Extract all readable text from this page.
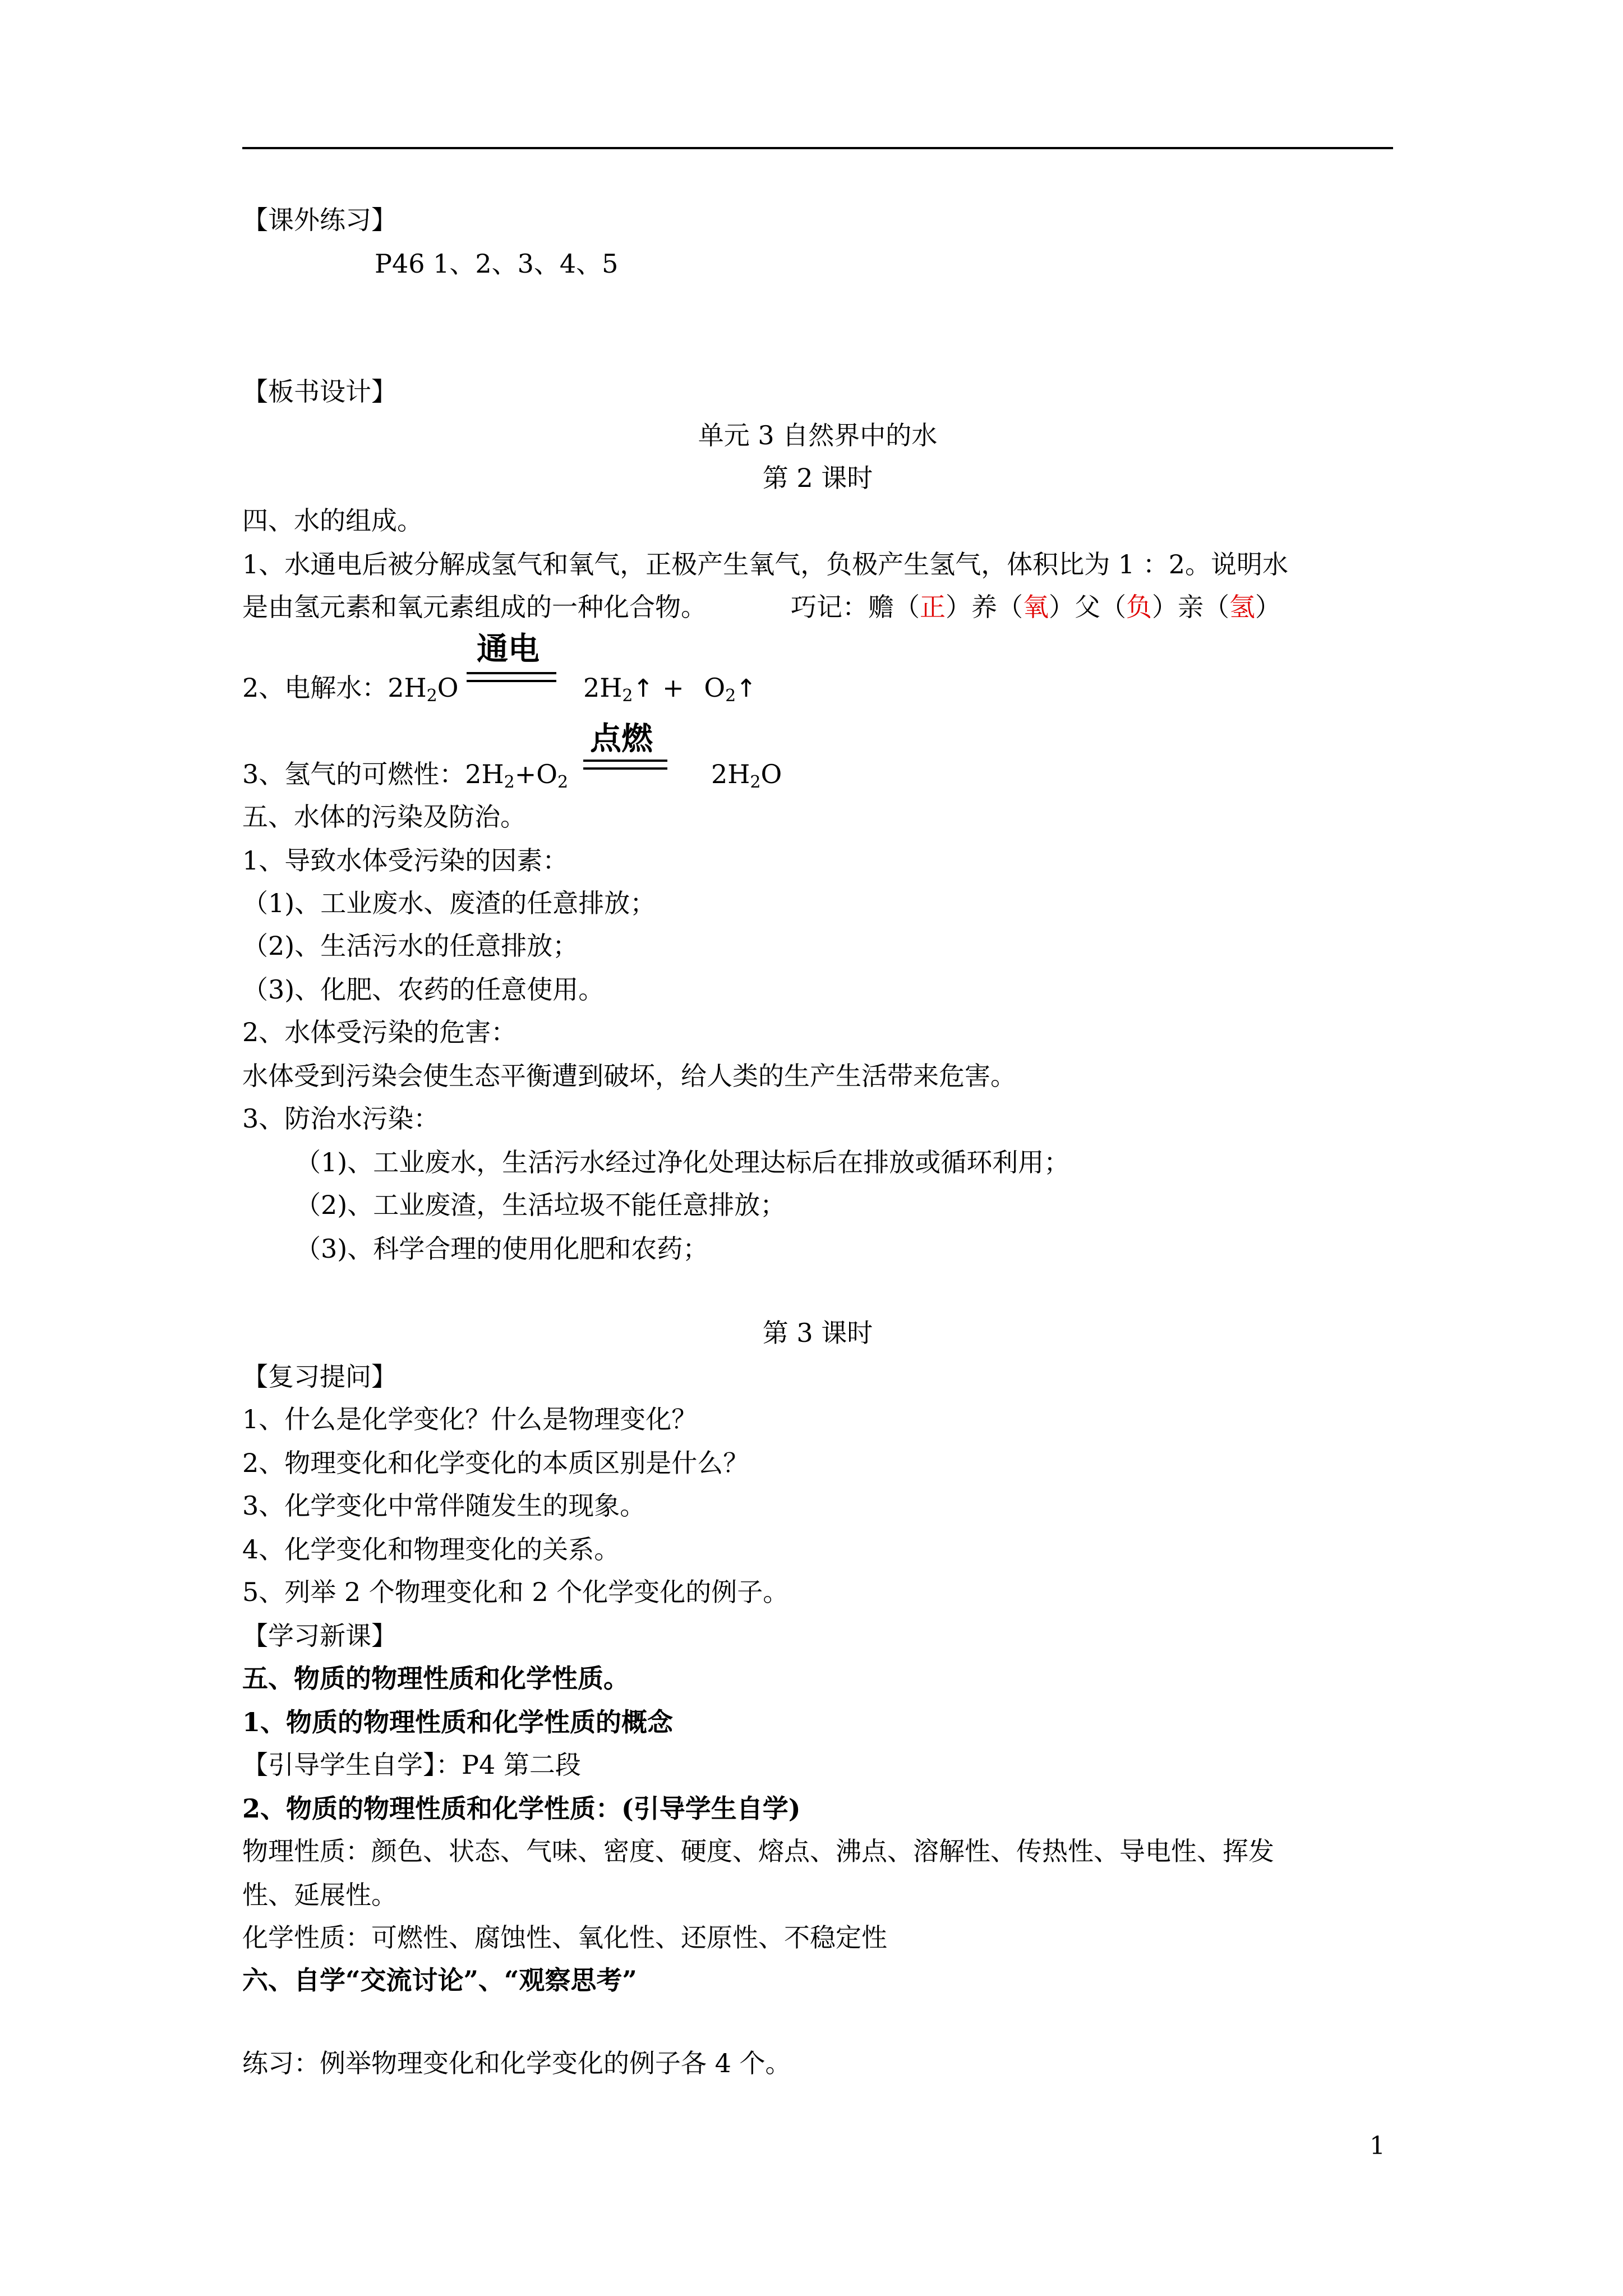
【课外练习】
P46 1、2、3、4、5
【板书设计】
单元 3 自然界中的水
第 2 课时
四、水的组成。
1、水通电后被分解成氢气和氧气，正极产生氧气，负极产生氢气，体积比为 1 ：2。说明水
是由氢元素和氧元素组成的一种化合物。	巧记：赡（正）养（氧）父（负）亲（氢）
2、电解水：$2H_2O$
通电
$2H_2↑$ + $O_2↑$
3、氢气的可燃性：$2H_2+O_2$
点燃
$2H_2O$
五、水体的污染及防治。
1、导致水体受污染的因素：
（1)、工业废水、废渣的任意排放；
（2)、生活污水的任意排放；
（3)、化肥、农药的任意使用。
2、水体受污染的危害：
水体受到污染会使生态平衡遭到破坏，给人类的生产生活带来危害。
3、防治水污染：
（1)、工业废水，生活污水经过净化处理达标后在排放或循环利用；
（2)、工业废渣，生活垃圾不能任意排放；
（3)、科学合理的使用化肥和农药；
第 3 课时
【复习提问】
1、什么是化学变化？什么是物理变化？
2、物理变化和化学变化的本质区别是什么？
3、化学变化中常伴随发生的现象。
4、化学变化和物理变化的关系。
5、列举 2 个物理变化和 2 个化学变化的例子。
【学习新课】
五、物质的物理性质和化学性质。
1、物质的物理性质和化学性质的概念
【引导学生自学】：P4 第二段
2、物质的物理性质和化学性质：(引导学生自学)
物理性质：颜色、状态、气味、密度、硬度、熔点、沸点、溶解性、传热性、导电性、挥发
性、延展性。
化学性质：可燃性、腐蚀性、氧化性、还原性、不稳定性
六、自学“交流讨论”、“观察思考”
练习：例举物理变化和化学变化的例子各 4 个。
1
